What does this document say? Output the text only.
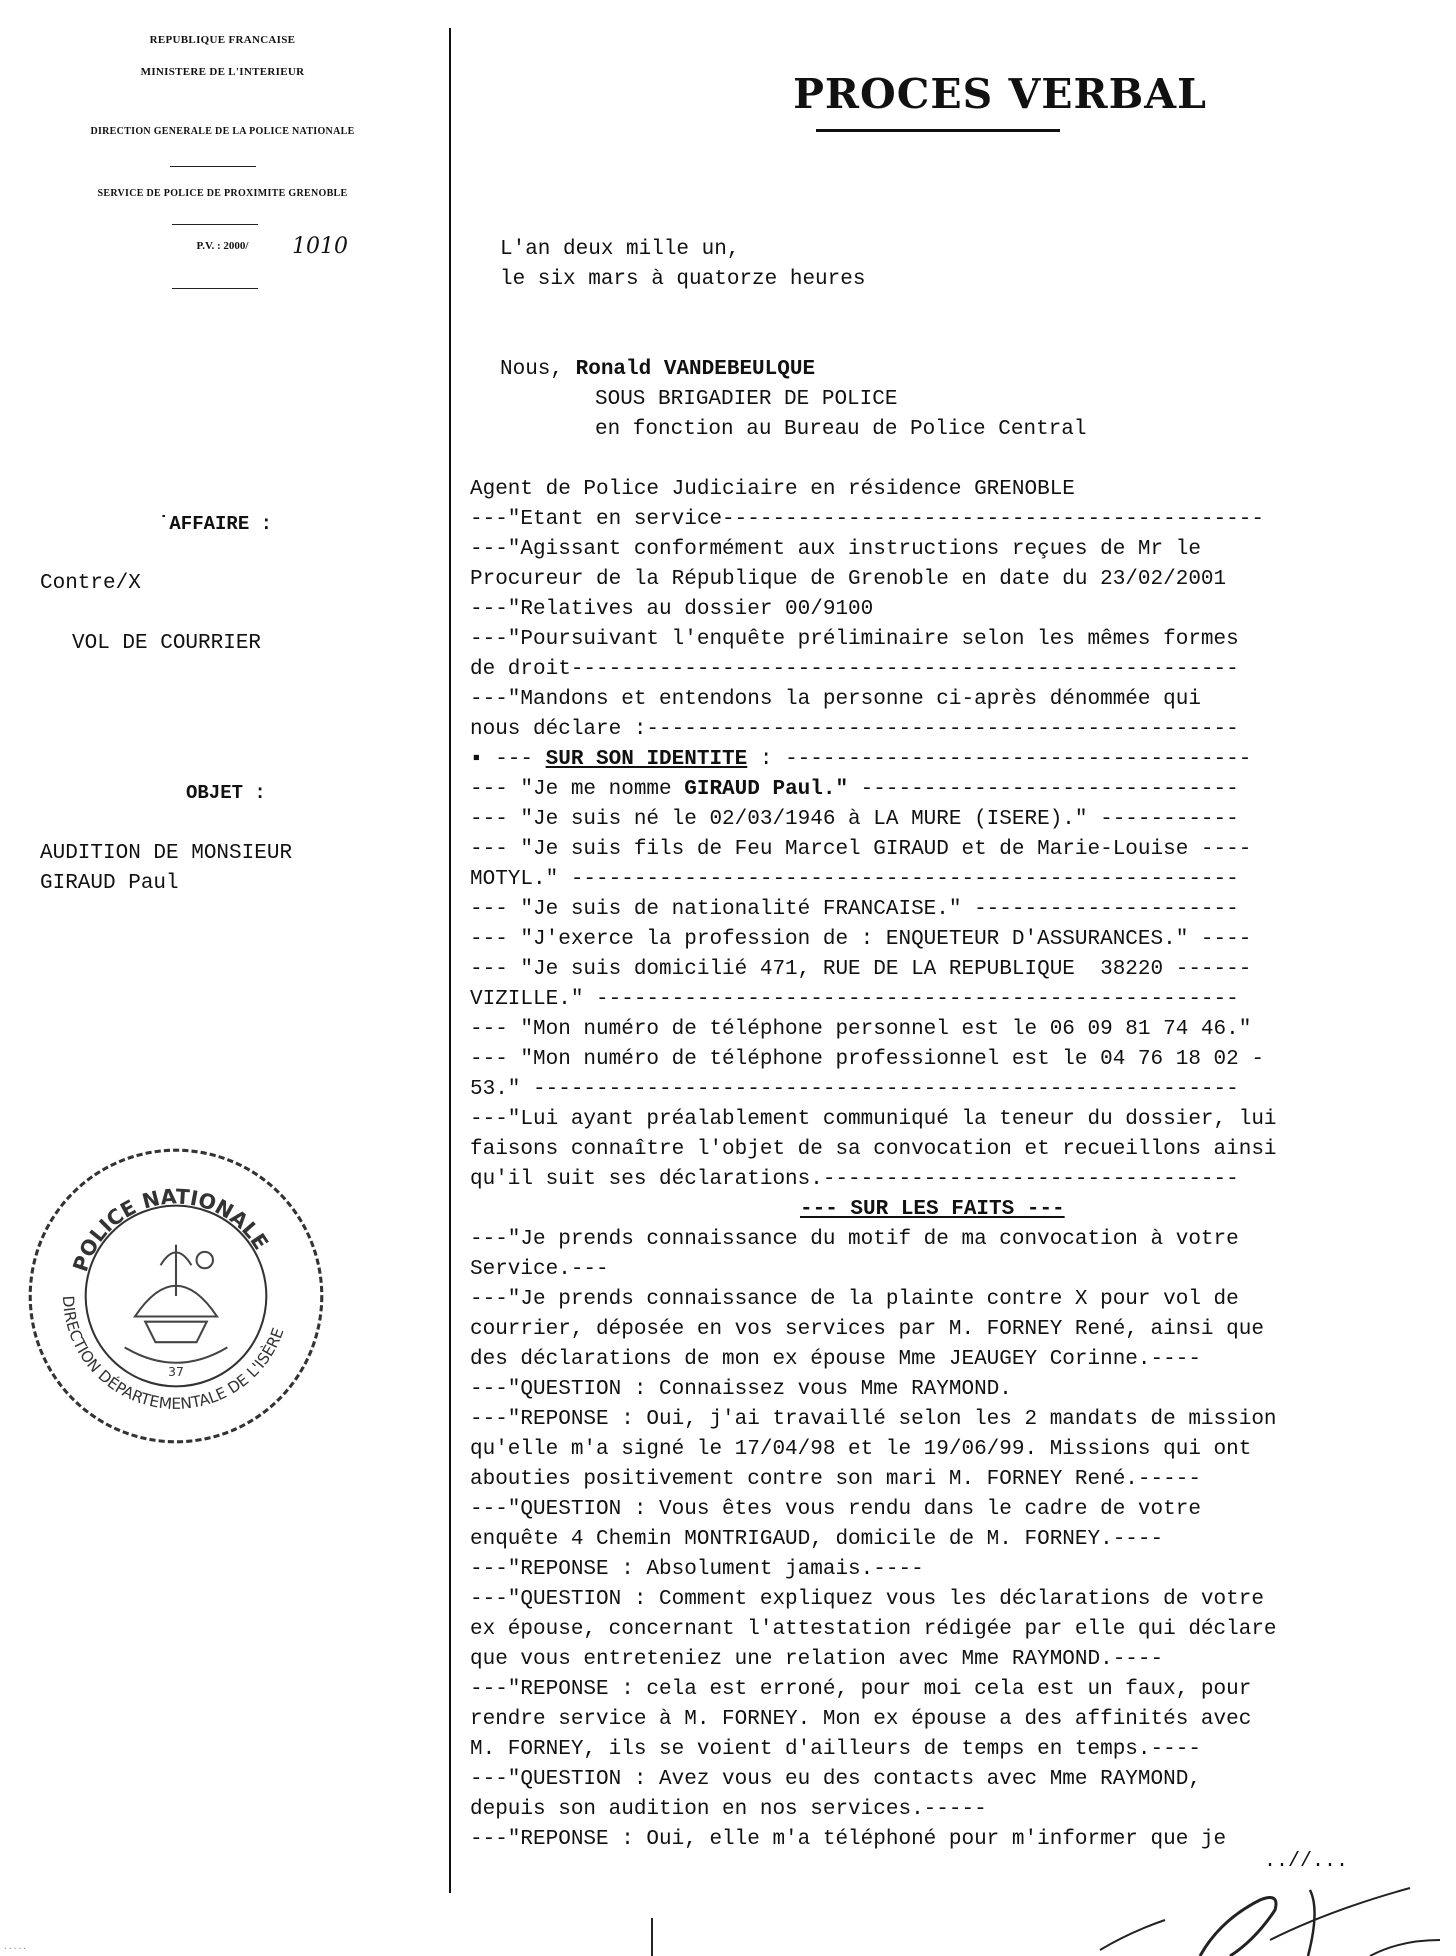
REPUBLIQUE FRANCAISE
MINISTERE DE L'INTERIEUR
DIRECTION GENERALE DE LA POLICE NATIONALE
SERVICE DE POLICE DE PROXIMITE GRENOBLE
P.V. : 2000/	1010
˙AFFAIRE :
Contre/X
VOL DE COURRIER
OBJET :
AUDITION DE MONSIEUR
GIRAUD Paul
POLICE NATIONALE
DIRECTION DÉPARTEMENTALE DE L'ISÈRE
37
PROCES VERBAL
L'an deux mille un,
le six mars à quatorze heures
Nous, Ronald VANDEBEULQUE
SOUS BRIGADIER DE POLICE
en fonction au Bureau de Police Central
Agent de Police Judiciaire en résidence GRENOBLE
---"Etant en service-------------------------------------------
---"Agissant conformément aux instructions reçues de Mr le
Procureur de la République de Grenoble en date du 23/02/2001
---"Relatives au dossier 00/9100
---"Poursuivant l'enquête préliminaire selon les mêmes formes
de droit-----------------------------------------------------
---"Mandons et entendons la personne ci-après dénommée qui
nous déclare :-----------------------------------------------
▪ --- SUR SON IDENTITE : -------------------------------------
--- "Je me nomme GIRAUD Paul." ------------------------------
--- "Je suis né le 02/03/1946 à LA MURE (ISERE)." -----------
--- "Je suis fils de Feu Marcel GIRAUD et de Marie-Louise ----
MOTYL." -----------------------------------------------------
--- "Je suis de nationalité FRANCAISE." ---------------------
--- "J'exerce la profession de : ENQUETEUR D'ASSURANCES." ----
--- "Je suis domicilié 471, RUE DE LA REPUBLIQUE  38220 ------
VIZILLE." ---------------------------------------------------
--- "Mon numéro de téléphone personnel est le 06 09 81 74 46."
--- "Mon numéro de téléphone professionnel est le 04 76 18 02 -
53." --------------------------------------------------------
---"Lui ayant préalablement communiqué la teneur du dossier, lui
faisons connaître l'objet de sa convocation et recueillons ainsi
qu'il suit ses déclarations.---------------------------------
--- SUR LES FAITS ---
---"Je prends connaissance du motif de ma convocation à votre
Service.---
---"Je prends connaissance de la plainte contre X pour vol de
courrier, déposée en vos services par M. FORNEY René, ainsi que
des déclarations de mon ex épouse Mme JEAUGEY Corinne.----
---"QUESTION : Connaissez vous Mme RAYMOND.
---"REPONSE : Oui, j'ai travaillé selon les 2 mandats de mission
qu'elle m'a signé le 17/04/98 et le 19/06/99. Missions qui ont
abouties positivement contre son mari M. FORNEY René.-----
---"QUESTION : Vous êtes vous rendu dans le cadre de votre
enquête 4 Chemin MONTRIGAUD, domicile de M. FORNEY.----
---"REPONSE : Absolument jamais.----
---"QUESTION : Comment expliquez vous les déclarations de votre
ex épouse, concernant l'attestation rédigée par elle qui déclare
que vous entreteniez une relation avec Mme RAYMOND.----
---"REPONSE : cela est erroné, pour moi cela est un faux, pour
rendre service à M. FORNEY. Mon ex épouse a des affinités avec
M. FORNEY, ils se voient d'ailleurs de temps en temps.----
---"QUESTION : Avez vous eu des contacts avec Mme RAYMOND,
depuis son audition en nos services.-----
---"REPONSE : Oui, elle m'a téléphoné pour m'informer que je
..//...
·····
